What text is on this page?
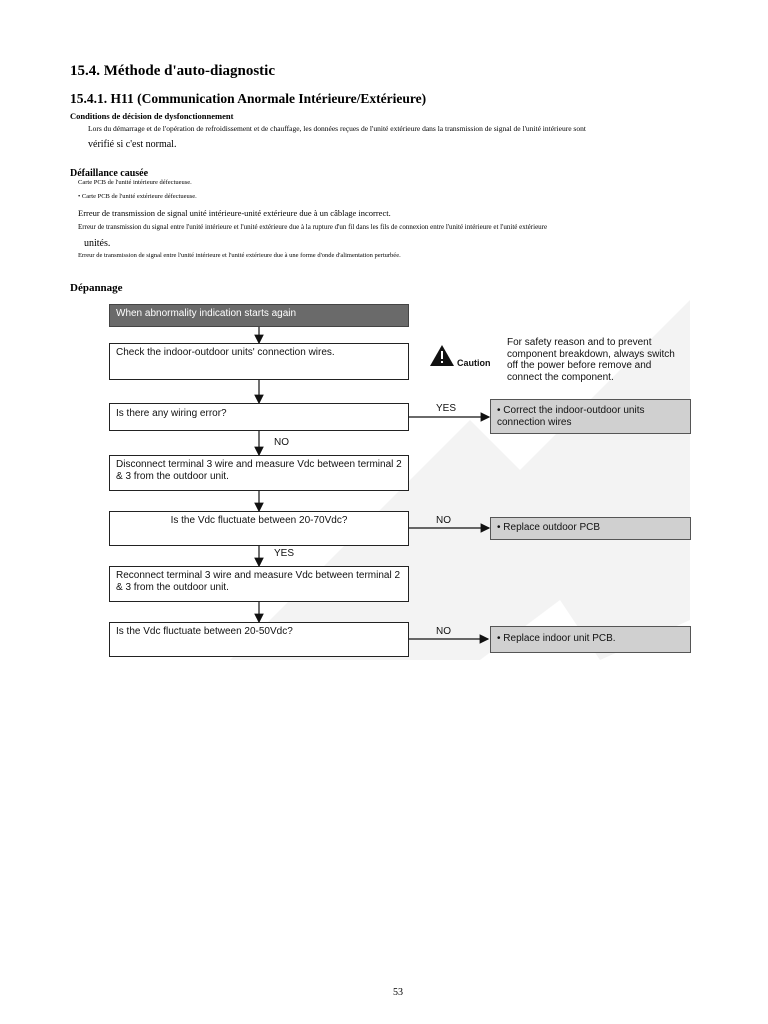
15.4. Méthode d'auto-diagnostic
15.4.1. H11 (Communication Anormale Intérieure/Extérieure)
Conditions de décision de dysfonctionnement
Lors du démarrage et de l'opération de refroidissement et de chauffage, les données reçues de l'unité extérieure dans la transmission de signal de l'unité intérieure sont
vérifié si c'est normal.
Défaillance causée
Carte PCB de l'unité intérieure défectueuse.
• Carte PCB de l'unité extérieure défectueuse.
Erreur de transmission de signal unité intérieure-unité extérieure due à un câblage incorrect.
Erreur de transmission du signal entre l'unité intérieure et l'unité extérieure due à la rupture d'un fil dans les fils de connexion entre l'unité intérieure et l'unité extérieure
unités.
Erreur de transmission de signal entre l'unité intérieure et l'unité extérieure due à une forme d'onde d'alimentation perturbée.
Dépannage
When abnormality indication starts again
Check the indoor-outdoor units' connection wires.
Caution
For safety reason and to prevent component breakdown, always switch off the power before remove and connect the component.
Is there any wiring error?	YES	• Correct the indoor-outdoor units connection wires
NO
Disconnect terminal 3 wire and measure Vdc between terminal 2 & 3 from the outdoor unit.
Is the Vdc fluctuate between 20-70Vdc?	NO
• Replace outdoor PCB
YES
Reconnect terminal 3 wire and measure Vdc between terminal 2 & 3 from the outdoor unit.
Is the Vdc fluctuate between 20-50Vdc?	NO
• Replace indoor unit PCB.
53
